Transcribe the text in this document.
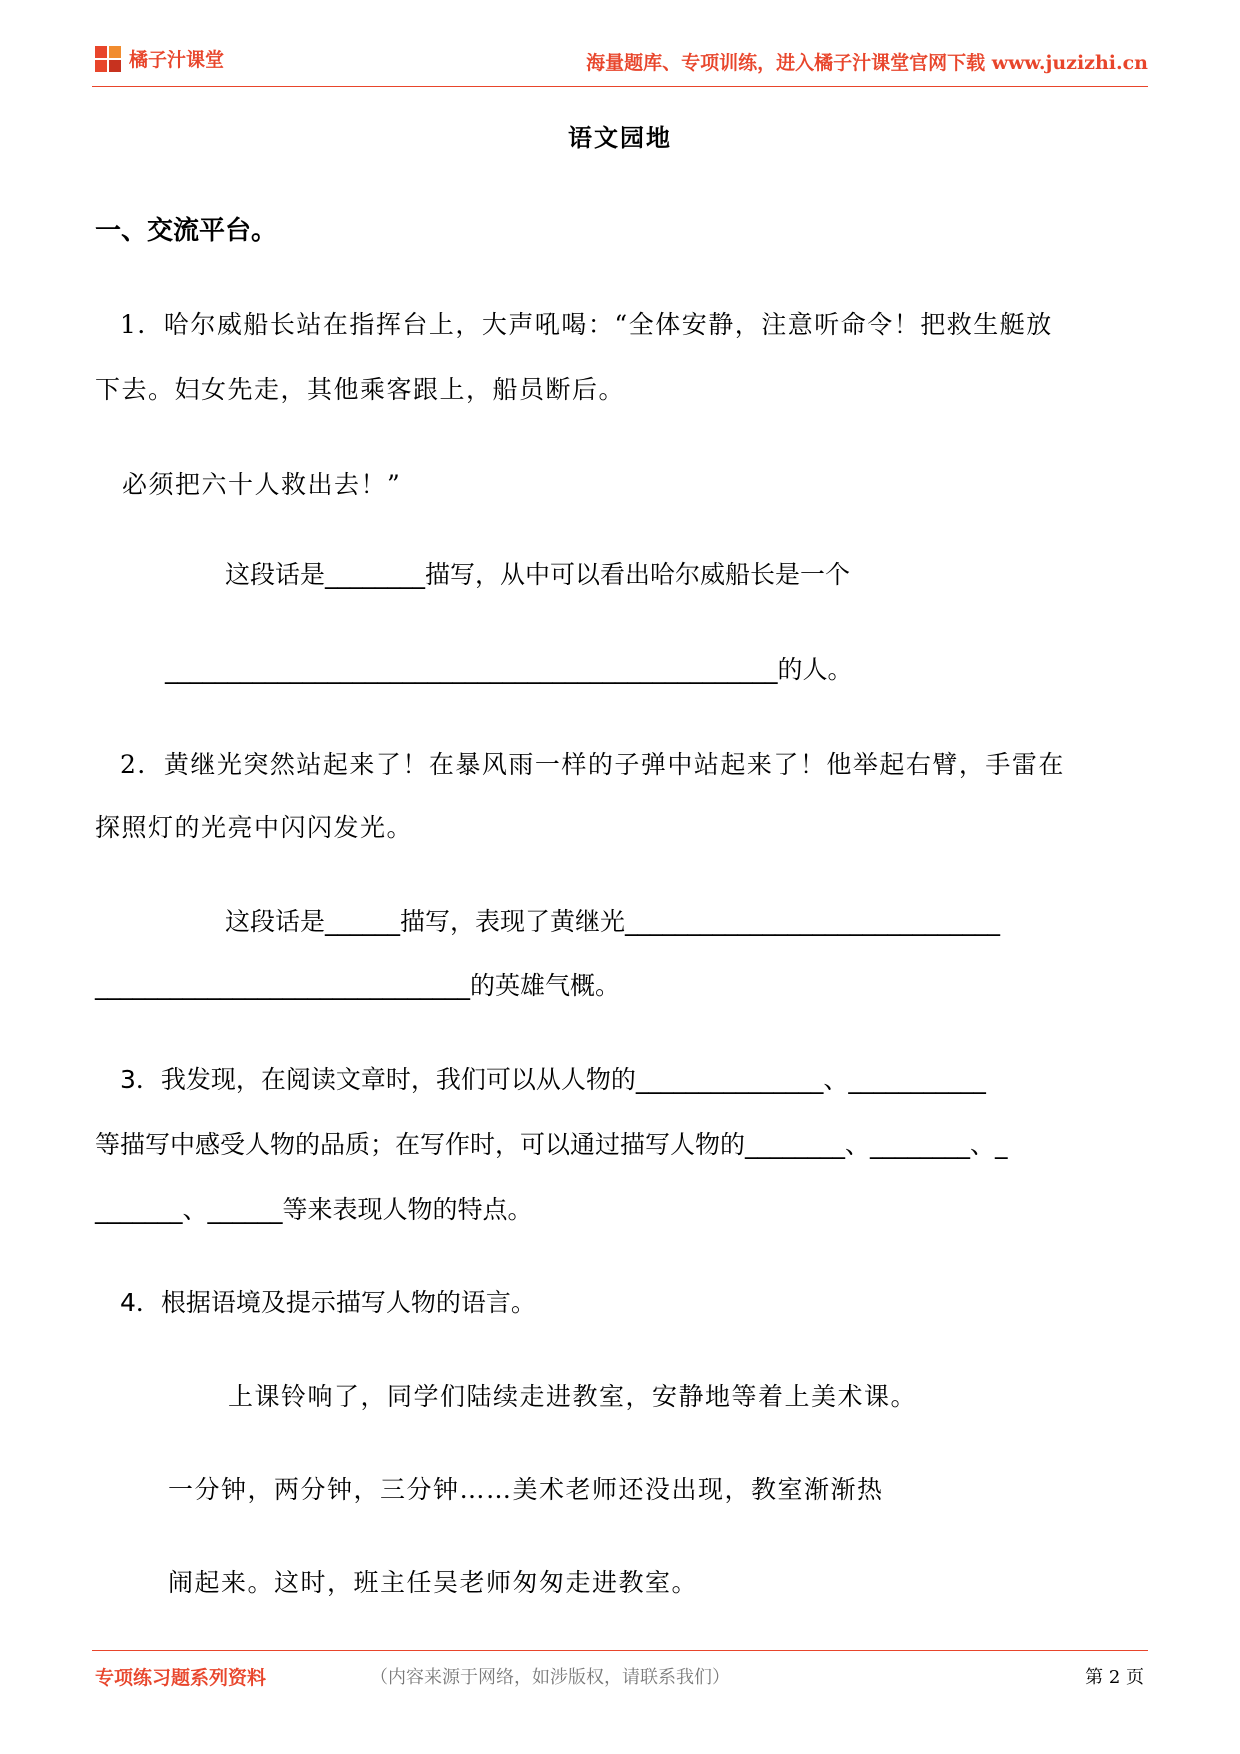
橘子汁课堂	海量题库、专项训练，进入橘子汁课堂官网下载 www.juzizhi.cn
语文园地
一、交流平台。
1．哈尔威船长站在指挥台上，大声吼喝：“全体安静，注意听命令！把救生艇放
下去。妇女先走，其他乘客跟上，船员断后。
必须把六十人救出去！”
这段话是________描写，从中可以看出哈尔威船长是一个
_________________________________________________的人。
2．黄继光突然站起来了！在暴风雨一样的子弹中站起来了！他举起右臂，手雷在
探照灯的光亮中闪闪发光。
这段话是______描写，表现了黄继光______________________________
______________________________的英雄气概。
3．我发现，在阅读文章时，我们可以从人物的_______________、___________
等描写中感受人物的品质；在写作时，可以通过描写人物的________、________、_
_______、______等来表现人物的特点。
4．根据语境及提示描写人物的语言。
上课铃响了，同学们陆续走进教室，安静地等着上美术课。
一分钟，两分钟，三分钟……美术老师还没出现，教室渐渐热
闹起来。这时，班主任吴老师匆匆走进教室。
专项练习题系列资料	（内容来源于网络，如涉版权，请联系我们）	第 2 页
